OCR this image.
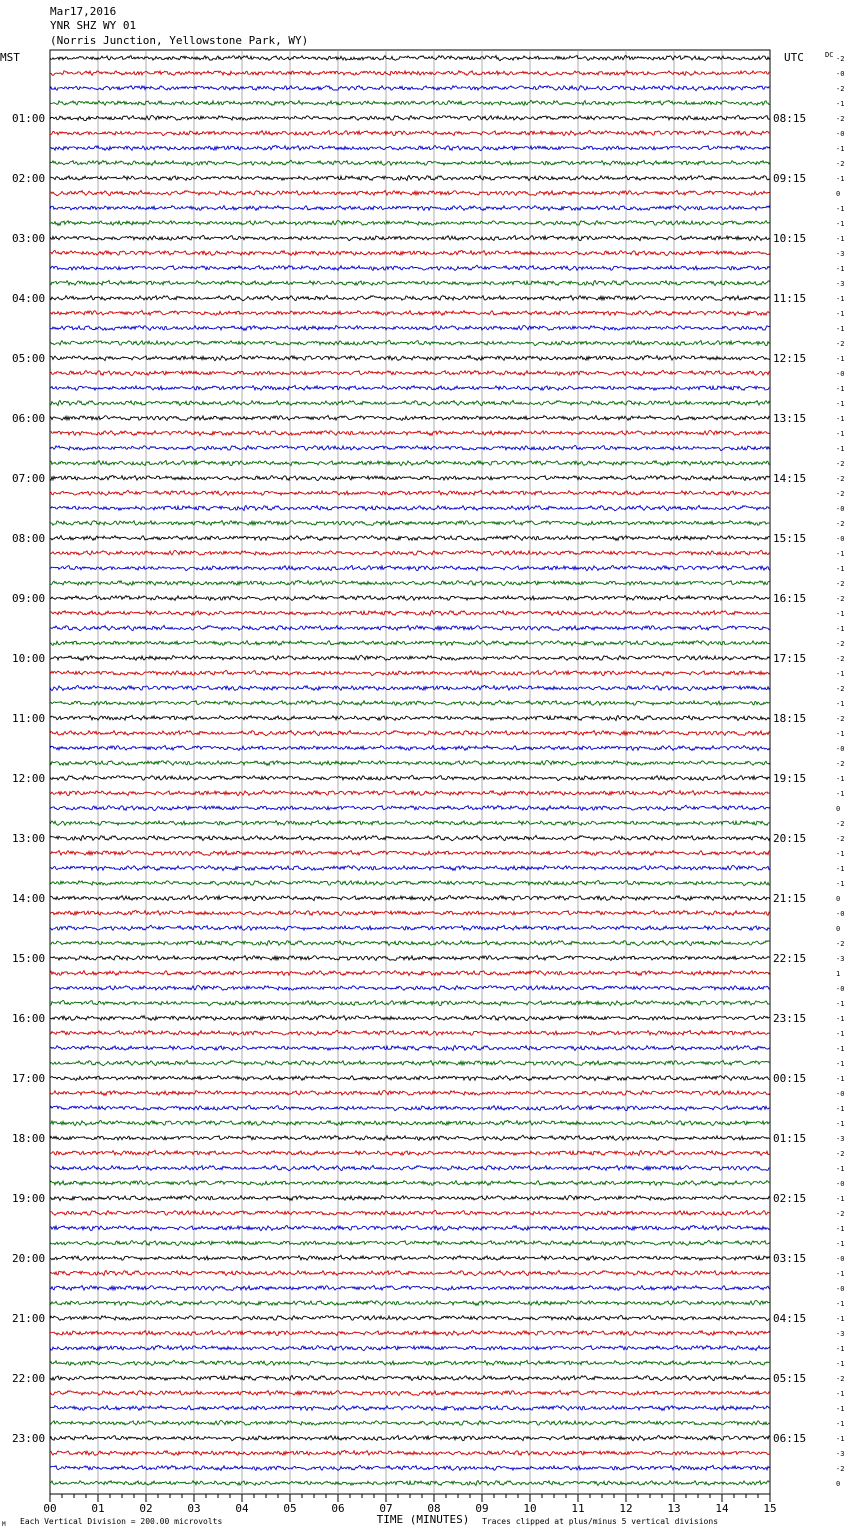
Mar17,2016
YNR SHZ WY 01
(Norris Junction, Yellowstone Park, WY)
-2
-0
-2
-1
-2
-0
-1
-2
-1
0
-1
-1
-1
-3
-1
-3
-1
-1
-1
-2
-1
-0
-1
-1
-1
-1
-1
-2
-2
-2
-0
-2
-0
-1
-1
-2
-2
-1
-1
-2
-2
-1
-2
-1
-2
-1
-0
-2
-1
-1
0
-2
-2
-1
-1
-1
0
-0
0
-2
-3
1
-0
-1
-1
-1
-1
-1
-1
-0
-1
-1
-3
-2
-1
-0
-1
-2
-1
-1
-0
-1
-0
-1
-1
-3
-1
-1
-2
-1
-1
-1
-1
-3
-2
0
MST	UTC	DC
01:00
02:00
03:00
04:00
05:00
06:00
07:00
08:00
09:00
10:00
11:00
12:00
13:00
14:00
15:00
16:00
17:00
18:00
19:00
20:00
21:00
22:00
23:00
08:15
09:15
10:15
11:15
12:15
13:15
14:15
15:15
16:15
17:15
18:15
19:15
20:15
21:15
22:15
23:15
00:15
01:15
02:15
03:15
04:15
05:15
06:15
00	01	02	03	04	05	06	07	08	09	10	11	12	13	14	15
TIME (MINUTES)
Each Vertical Division = 200.00 microvolts	Traces clipped at plus/minus 5 vertical divisions
M
